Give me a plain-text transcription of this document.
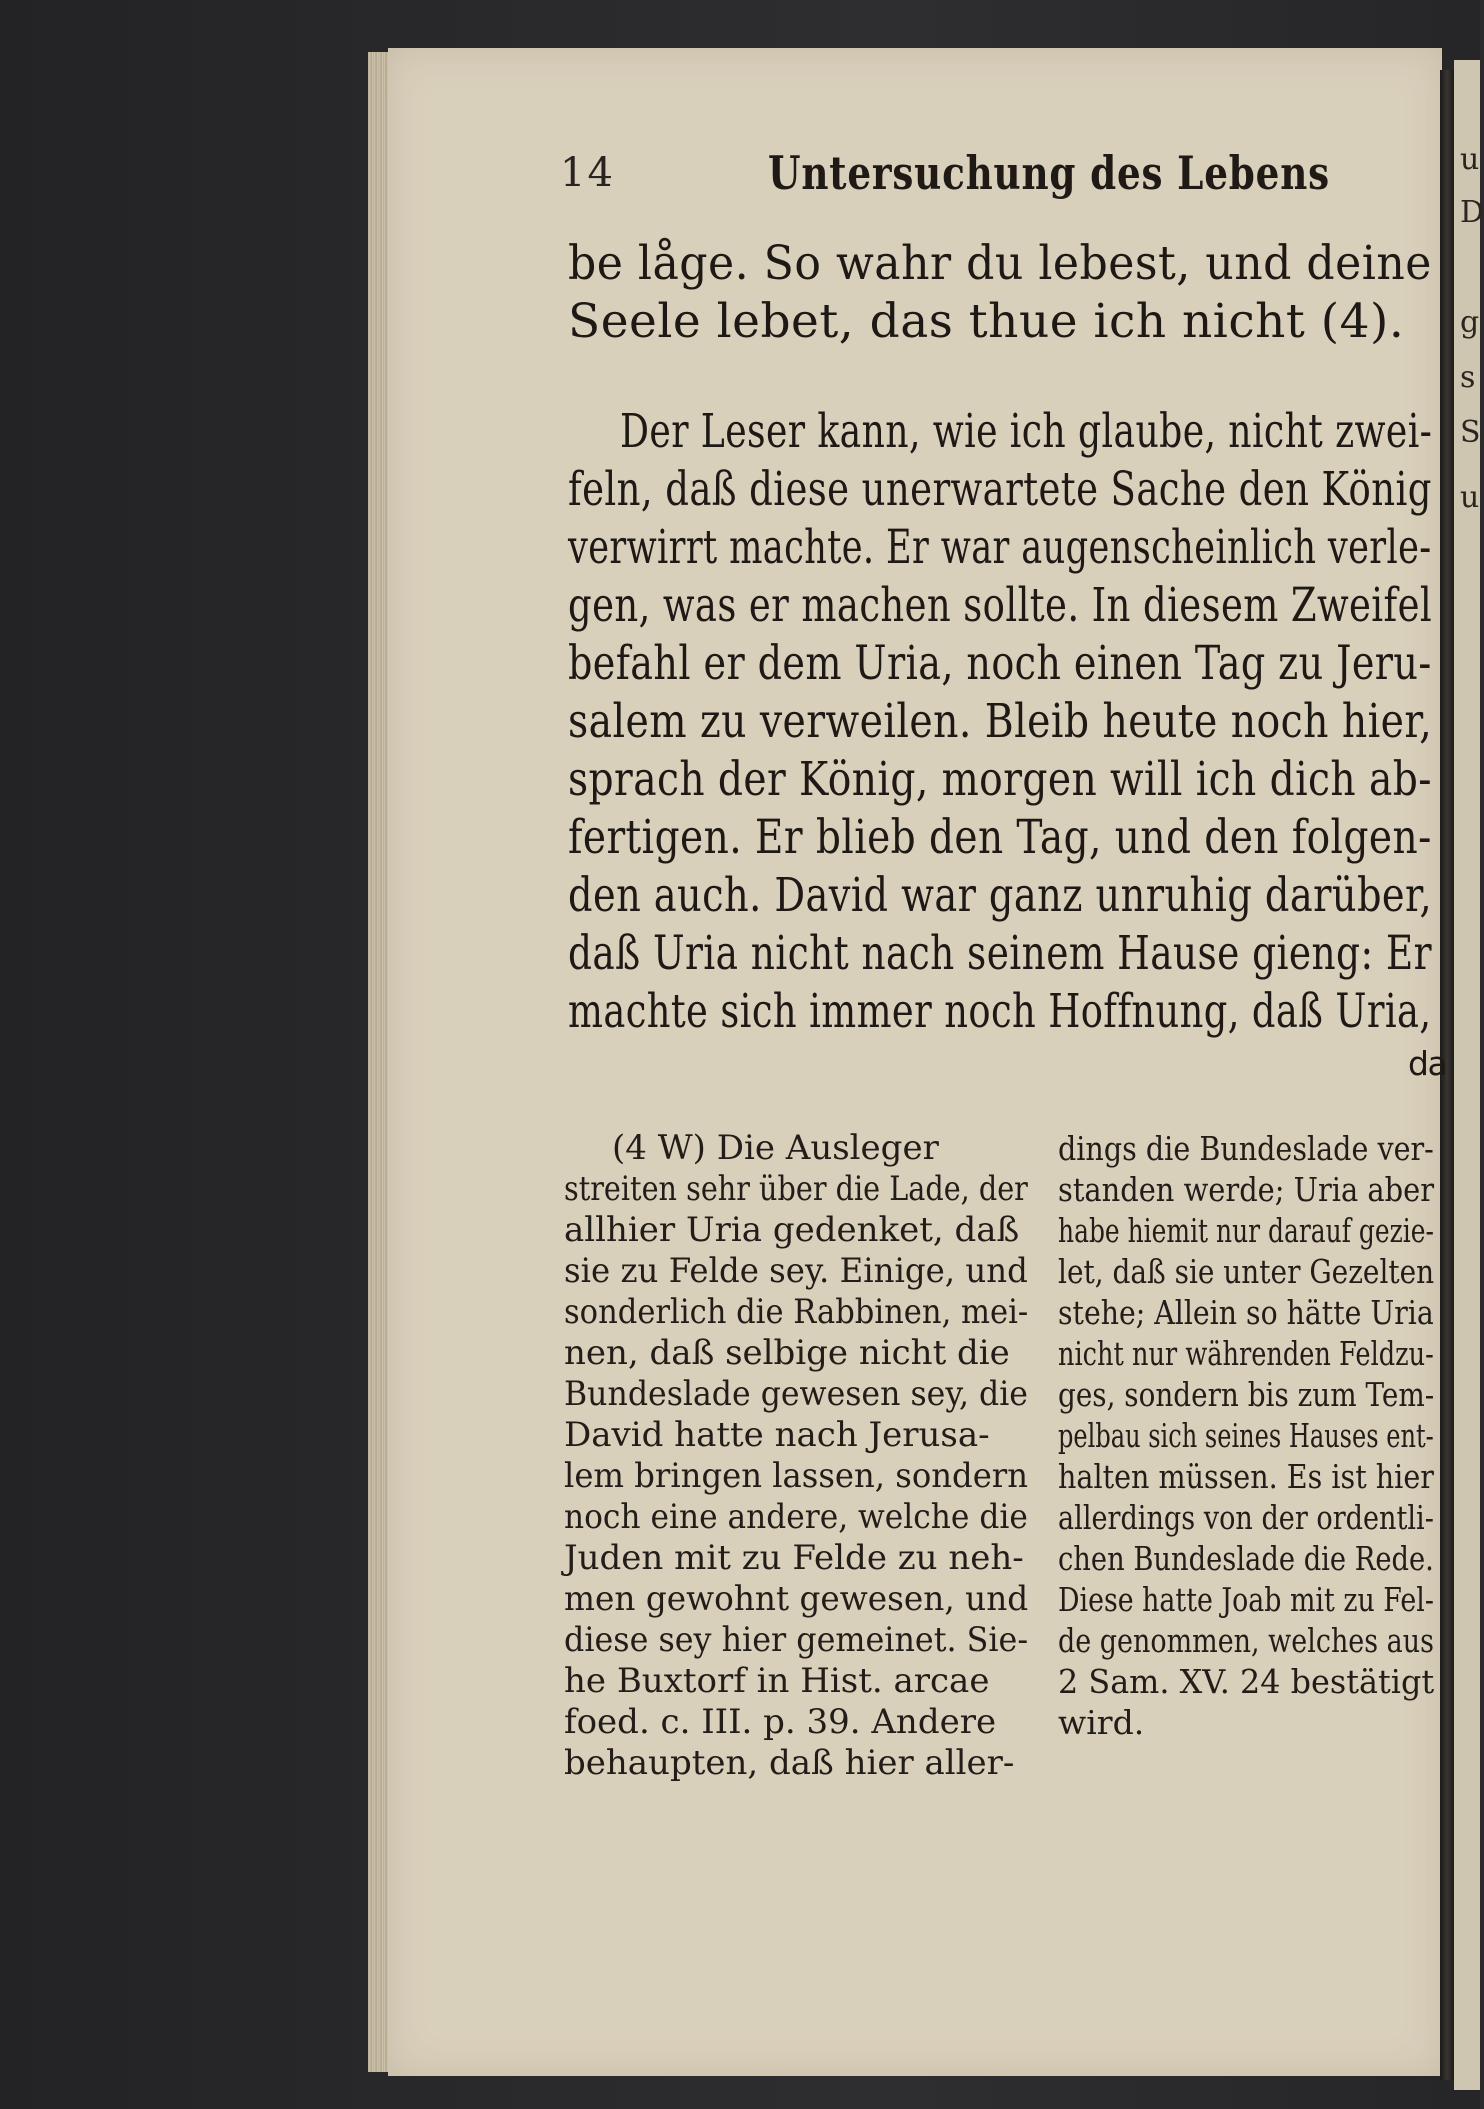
u
D
g
s
S
u
14	Untersuchung des Lebens
be låge. So wahr du lebest, und deine
Seele lebet, das thue ich nicht (4).
Der Leser kann, wie ich glaube, nicht zwei-
feln, daß diese unerwartete Sache den König
verwirrt machte. Er war augenscheinlich verle-
gen, was er machen sollte. In diesem Zweifel
befahl er dem Uria, noch einen Tag zu Jeru-
salem zu verweilen. Bleib heute noch hier,
sprach der König, morgen will ich dich ab-
fertigen. Er blieb den Tag, und den folgen-
den auch. David war ganz unruhig darüber,
daß Uria nicht nach seinem Hause gieng: Er
machte sich immer noch Hoffnung, daß Uria,
da
(4 W) Die Ausleger
streiten sehr über die Lade, der
allhier Uria gedenket, daß
sie zu Felde sey. Einige, und
sonderlich die Rabbinen, mei-
nen, daß selbige nicht die
Bundeslade gewesen sey, die
David hatte nach Jerusa-
lem bringen lassen, sondern
noch eine andere, welche die
Juden mit zu Felde zu neh-
men gewohnt gewesen, und
diese sey hier gemeinet. Sie-
he Buxtorf in Hist. arcae
foed. c. III. p. 39. Andere
behaupten, daß hier aller-
dings die Bundeslade ver-
standen werde; Uria aber
habe hiemit nur darauf gezie-
let, daß sie unter Gezelten
stehe; Allein so hätte Uria
nicht nur währenden Feldzu-
ges, sondern bis zum Tem-
pelbau sich seines Hauses ent-
halten müssen. Es ist hier
allerdings von der ordentli-
chen Bundeslade die Rede.
Diese hatte Joab mit zu Fel-
de genommen, welches aus
2 Sam. XV. 24 bestätigt
wird.
